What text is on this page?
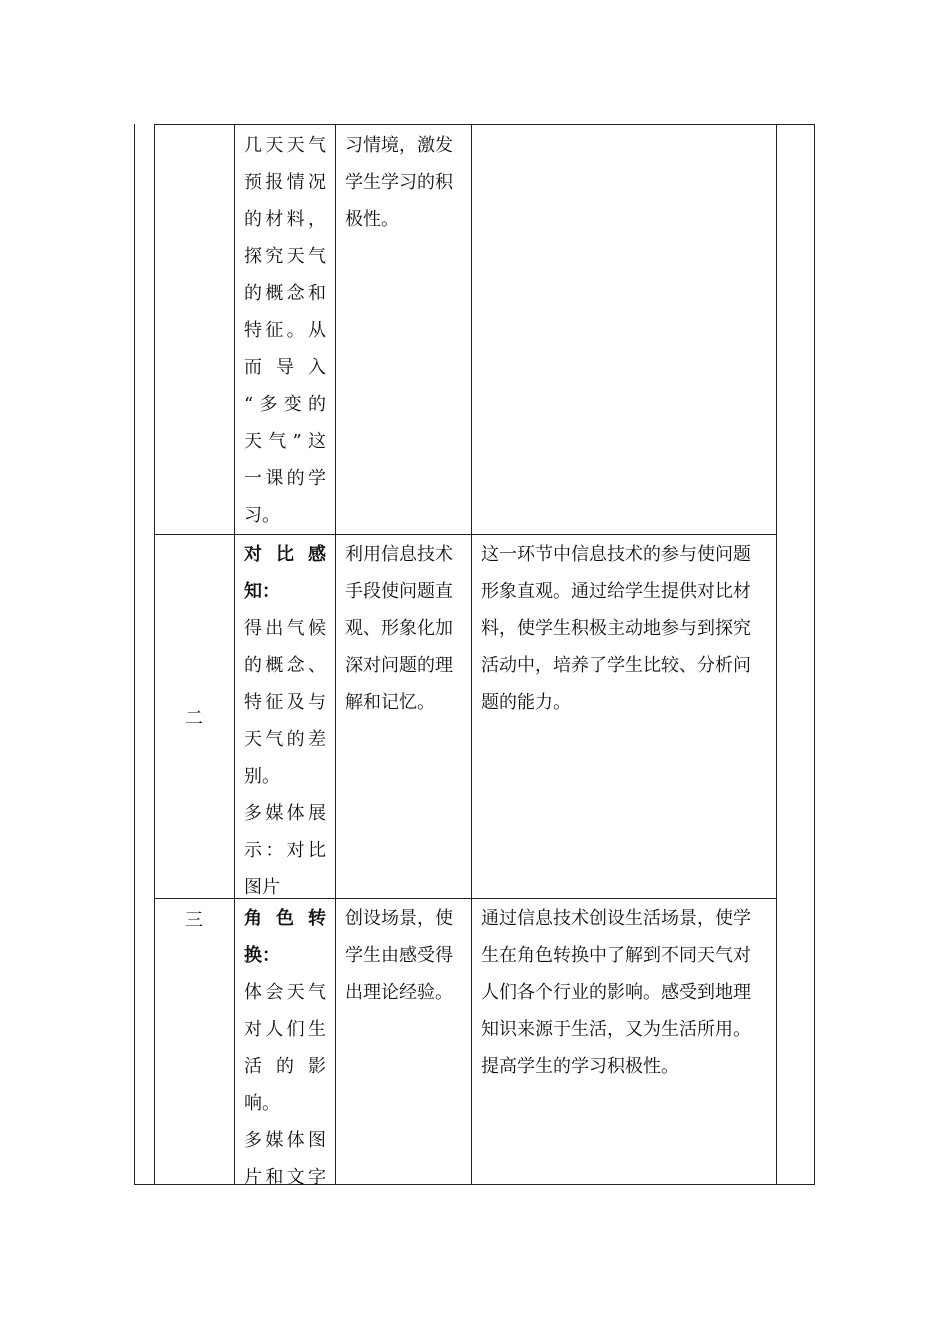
几天天气

预报情况

的材料，

探究天气

的概念和

特征。从

而 导 入

“多变的

天气”这

一课的学

习。

习情境，激发

学生学习的积

极性。

二

对 比 感

知：

得出气候

的概念、

特征及与

天气的差

别。

多媒体展

示：对比

图片

利用信息技术

手段使问题直

观、形象化加

深对问题的理

解和记忆。

这一环节中信息技术的参与使问题

形象直观。通过给学生提供对比材

料，使学生积极主动地参与到探究

活动中，培养了学生比较、分析问

题的能力。

三	角 色 转

换：

体会天气

对人们生

活 的 影

响。

多媒体图

片和文字

创设场景，使

学生由感受得

出理论经验。

通过信息技术创设生活场景，使学

生在角色转换中了解到不同天气对

人们各个行业的影响。感受到地理

知识来源于生活，又为生活所用。

提高学生的学习积极性。
